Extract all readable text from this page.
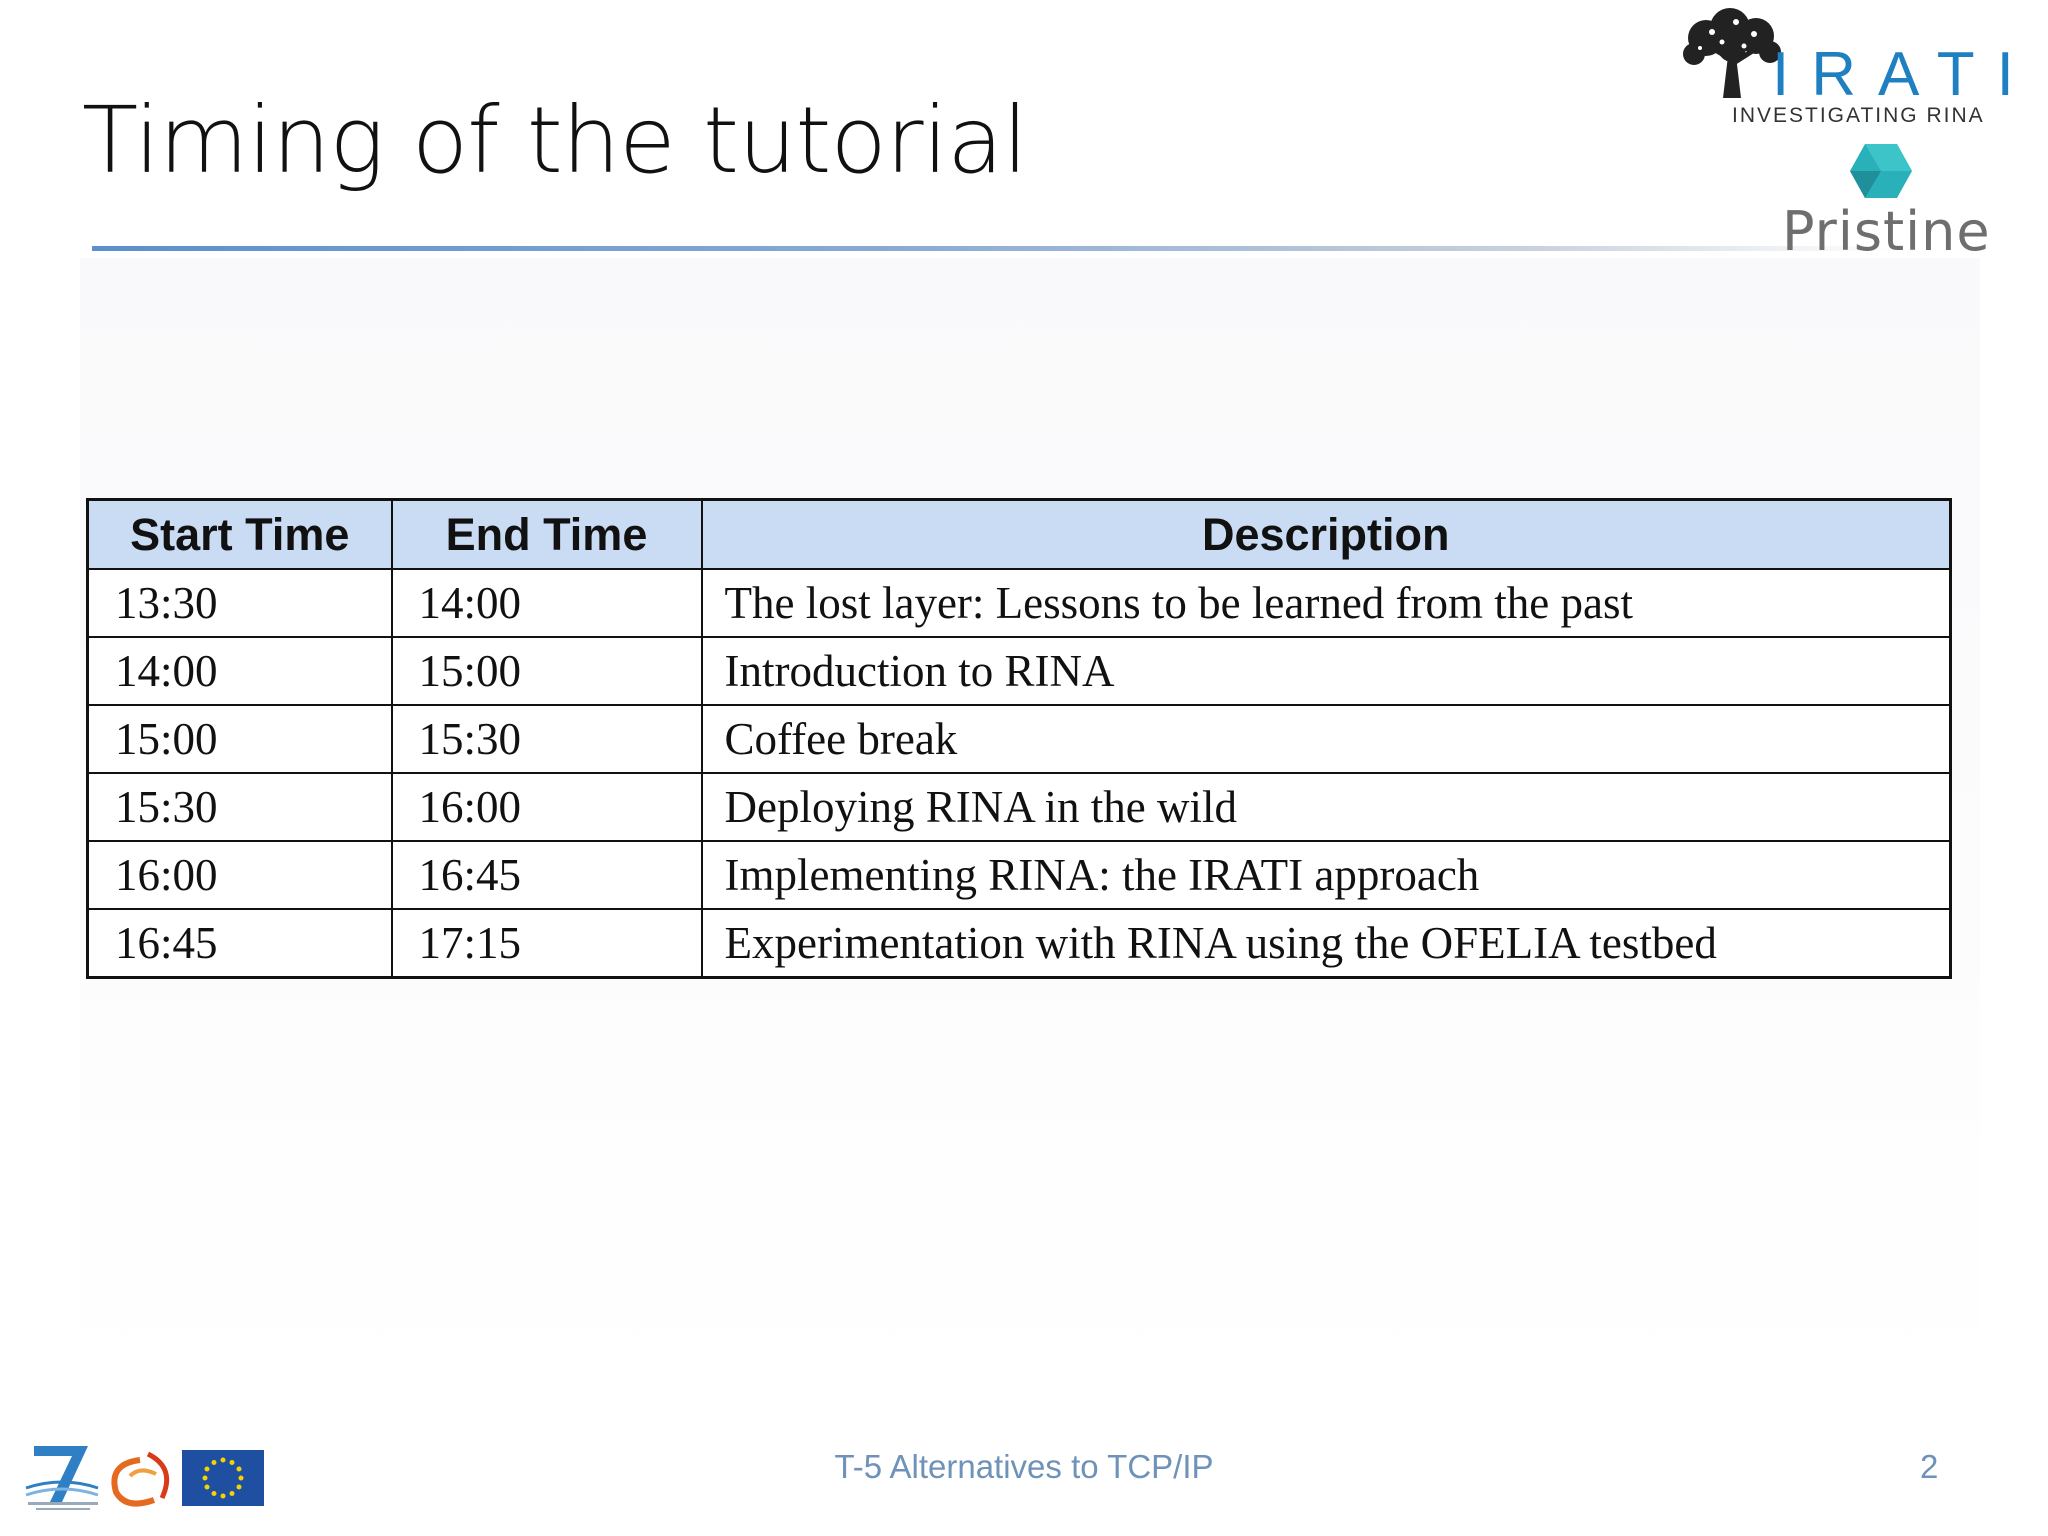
Timing of the tutorial
IRATI
INVESTIGATING RINA
Pristine
Start Time	End Time	Description
13:30	14:00	The lost layer: Lessons to be learned from the past
14:00	15:00	Introduction to RINA
15:00	15:30	Coffee break
15:30	16:00	Deploying RINA in the wild
16:00	16:45	Implementing RINA: the IRATI approach
16:45	17:15	Experimentation with RINA using the OFELIA testbed
T-5 Alternatives to TCP/IP	2
